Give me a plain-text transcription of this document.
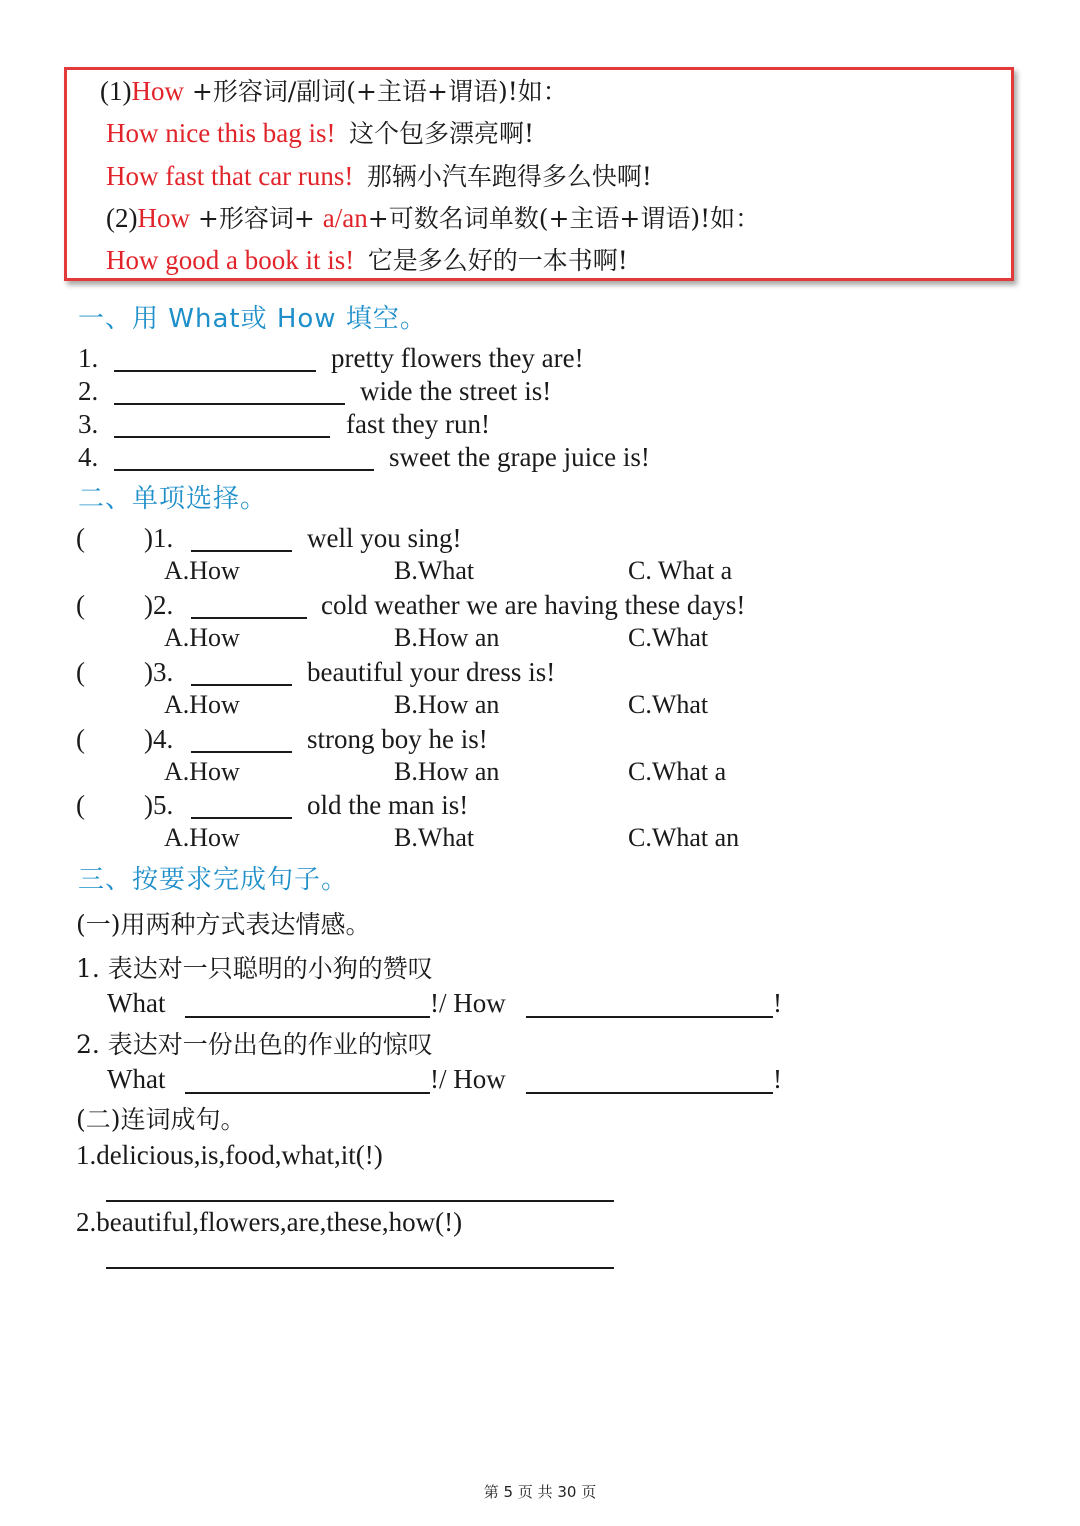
(1)How +形容词/副词(+主语+谓语)!如：
How nice this bag is! 这个包多漂亮啊!
How fast that car runs! 那辆小汽车跑得多么快啊!
(2)How +形容词+ a/an+可数名词单数(+主语+谓语)!如：
How good a book it is! 它是多么好的一本书啊!
一、用 What或 How 填空。
1.	pretty flowers they are!
2.	wide the street is!
3.	fast they run!
4.	sweet the grape juice is!
二、单项选择。
( )1.	well you sing!
A.How	B.What	C. What a
( )2.	cold weather we are having these days!
A.How	B.How an	C.What
( )3.	beautiful your dress is!
A.How	B.How an	C.What
( )4.	strong boy he is!
A.How	B.How an	C.What a
( )5.	old the man is!
A.How	B.What	C.What an
三、按要求完成句子。
(一)用两种方式表达情感。
1. 表达对一只聪明的小狗的赞叹
What	!/ How	!
2. 表达对一份出色的作业的惊叹
What	!/ How	!
(二)连词成句。
1.delicious,is,food,what,it(!)
2.beautiful,flowers,are,these,how(!)
第 5 页 共 30 页
